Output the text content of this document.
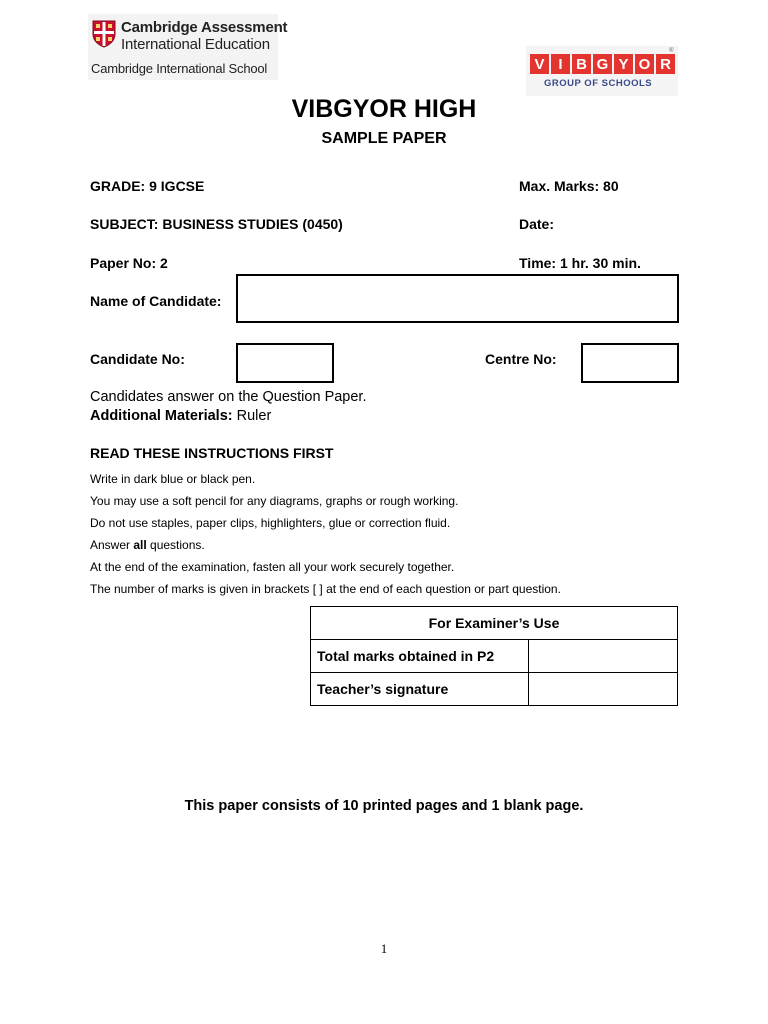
Cambridge Assessment
International Education
Cambridge International School	V I B G Y O R
GROUP OF SCHOOLS
®
VIBGYOR HIGH
SAMPLE PAPER
GRADE: 9 IGCSE	Max. Marks: 80
SUBJECT: BUSINESS STUDIES (0450)	Date:
Paper No: 2	Time: 1 hr. 30 min.
Name of Candidate:
Candidate No:	Centre No:
Candidates answer on the Question Paper.
Additional Materials: Ruler
READ THESE INSTRUCTIONS FIRST
Write in dark blue or black pen.
You may use a soft pencil for any diagrams, graphs or rough working.
Do not use staples, paper clips, highlighters, glue or correction fluid.
Answer all questions.
At the end of the examination, fasten all your work securely together.
The number of marks is given in brackets [ ] at the end of each question or part question.
For Examiner’s Use	
Total marks obtained in P2	
Teacher’s signature	
This paper consists of 10 printed pages and 1 blank page.
1
